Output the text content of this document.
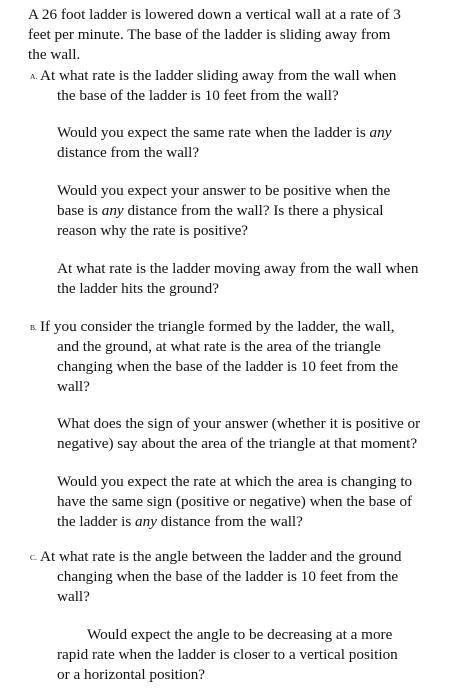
A 26 foot ladder is lowered down a vertical wall at a rate of 3
feet per minute. The base of the ladder is sliding away from
the wall.
A. At what rate is the ladder sliding away from the wall when
the base of the ladder is 10 feet from the wall?
Would you expect the same rate when the ladder is any
distance from the wall?
Would you expect your answer to be positive when the
base is any distance from the wall? Is there a physical
reason why the rate is positive?
At what rate is the ladder moving away from the wall when
the ladder hits the ground?
B. If you consider the triangle formed by the ladder, the wall,
and the ground, at what rate is the area of the triangle
changing when the base of the ladder is 10 feet from the
wall?
What does the sign of your answer (whether it is positive or
negative) say about the area of the triangle at that moment?
Would you expect the rate at which the area is changing to
have the same sign (positive or negative) when the base of
the ladder is any distance from the wall?
C. At what rate is the angle between the ladder and the ground
changing when the base of the ladder is 10 feet from the
wall?
Would expect the angle to be decreasing at a more
rapid rate when the ladder is closer to a vertical position
or a horizontal position?
